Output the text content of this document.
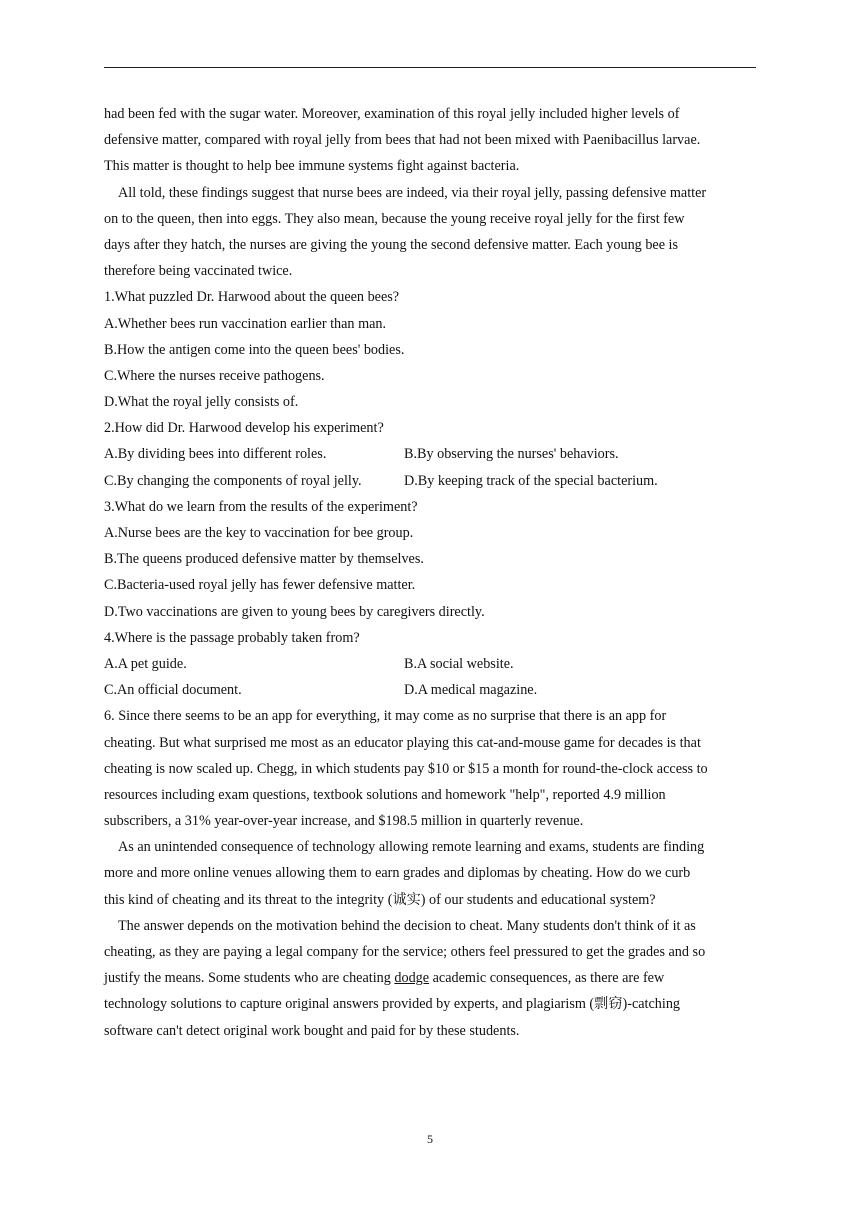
had been fed with the sugar water. Moreover, examination of this royal jelly included higher levels of
defensive matter, compared with royal jelly from bees that had not been mixed with Paenibacillus larvae.
This matter is thought to help bee immune systems fight against bacteria.
All told, these findings suggest that nurse bees are indeed, via their royal jelly, passing defensive matter
on to the queen, then into eggs. They also mean, because the young receive royal jelly for the first few
days after they hatch, the nurses are giving the young the second defensive matter. Each young bee is
therefore being vaccinated twice.
1.What puzzled Dr. Harwood about the queen bees?
A.Whether bees run vaccination earlier than man.
B.How the antigen come into the queen bees' bodies.
C.Where the nurses receive pathogens.
D.What the royal jelly consists of.
2.How did Dr. Harwood develop his experiment?
A.By dividing bees into different roles.	B.By observing the nurses' behaviors.
C.By changing the components of royal jelly.	D.By keeping track of the special bacterium.
3.What do we learn from the results of the experiment?
A.Nurse bees are the key to vaccination for bee group.
B.The queens produced defensive matter by themselves.
C.Bacteria-used royal jelly has fewer defensive matter.
D.Two vaccinations are given to young bees by caregivers directly.
4.Where is the passage probably taken from?
A.A pet guide.	B.A social website.
C.An official document.	D.A medical magazine.
6. Since there seems to be an app for everything, it may come as no surprise that there is an app for
cheating. But what surprised me most as an educator playing this cat-and-mouse game for decades is that
cheating is now scaled up. Chegg, in which students pay $10 or $15 a month for round-the-clock access to
resources including exam questions, textbook solutions and homework "help", reported 4.9 million
subscribers, a 31% year-over-year increase, and $198.5 million in quarterly revenue.
As an unintended consequence of technology allowing remote learning and exams, students are finding
more and more online venues allowing them to earn grades and diplomas by cheating. How do we curb
this kind of cheating and its threat to the integrity (诚实) of our students and educational system?
The answer depends on the motivation behind the decision to cheat. Many students don't think of it as
cheating, as they are paying a legal company for the service; others feel pressured to get the grades and so
justify the means. Some students who are cheating dodge academic consequences, as there are few
technology solutions to capture original answers provided by experts, and plagiarism (剽窃)-catching
software can't detect original work bought and paid for by these students.
5
